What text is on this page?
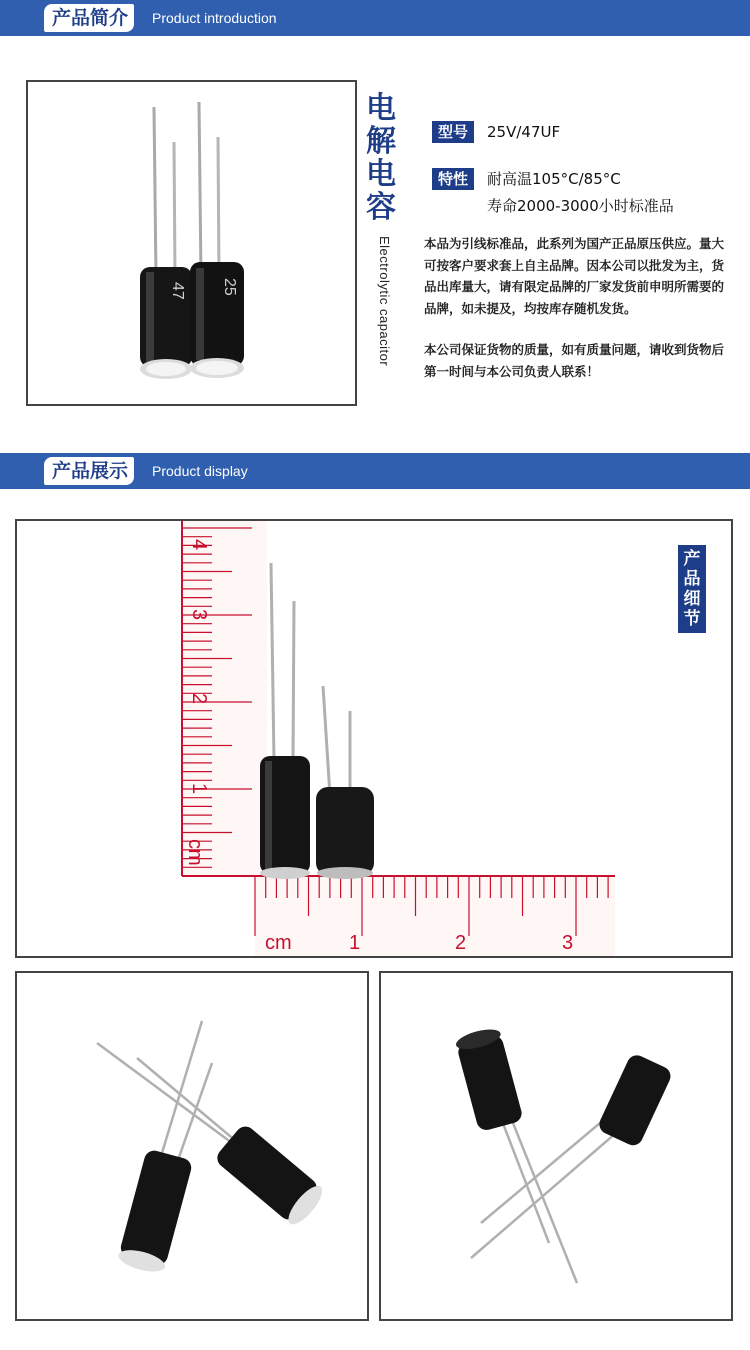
产品简介	Product introduction
47 25
电解电容
Electrolytic capacitor
型号	25V/47UF
特性	耐高温105°C/85°C
寿命2000-3000小时标准品
本品为引线标准品，此系列为国产正品原压供应。量大可按客户要求套上自主品牌。因本公司以批发为主，货品出库量大，请有限定品牌的厂家发货前申明所需要的品牌，如未提及，均按库存随机发货。
本公司保证货物的质量，如有质量问题，请收到货物后第一时间与本公司负责人联系！
产品展示	Product display
4
3
2
1
cm
cm	1	2	3
产品细节
